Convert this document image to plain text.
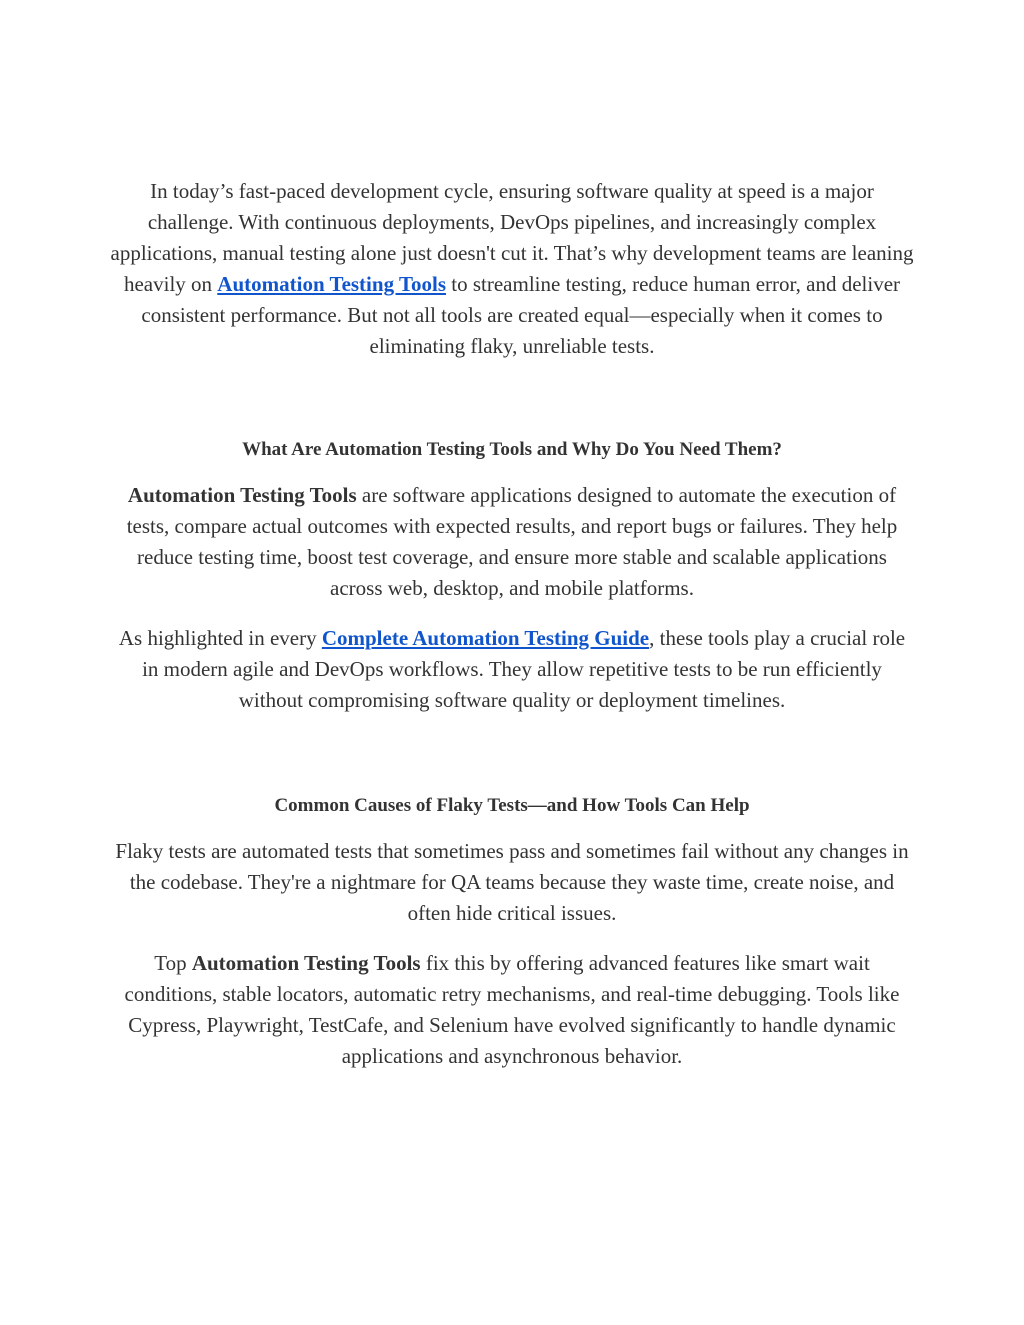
In today’s fast-paced development cycle, ensuring software quality at speed is a major challenge. With continuous deployments, DevOps pipelines, and increasingly complex applications, manual testing alone just doesn't cut it. That’s why development teams are leaning heavily on Automation Testing Tools to streamline testing, reduce human error, and deliver consistent performance. But not all tools are created equal—especially when it comes to eliminating flaky, unreliable tests.

What Are Automation Testing Tools and Why Do You Need Them?

Automation Testing Tools are software applications designed to automate the execution of tests, compare actual outcomes with expected results, and report bugs or failures. They help reduce testing time, boost test coverage, and ensure more stable and scalable applications across web, desktop, and mobile platforms.

As highlighted in every Complete Automation Testing Guide, these tools play a crucial role in modern agile and DevOps workflows. They allow repetitive tests to be run efficiently without compromising software quality or deployment timelines.

Common Causes of Flaky Tests—and How Tools Can Help

Flaky tests are automated tests that sometimes pass and sometimes fail without any changes in the codebase. They're a nightmare for QA teams because they waste time, create noise, and often hide critical issues.

Top Automation Testing Tools fix this by offering advanced features like smart wait conditions, stable locators, automatic retry mechanisms, and real-time debugging. Tools like Cypress, Playwright, TestCafe, and Selenium have evolved significantly to handle dynamic applications and asynchronous behavior.
